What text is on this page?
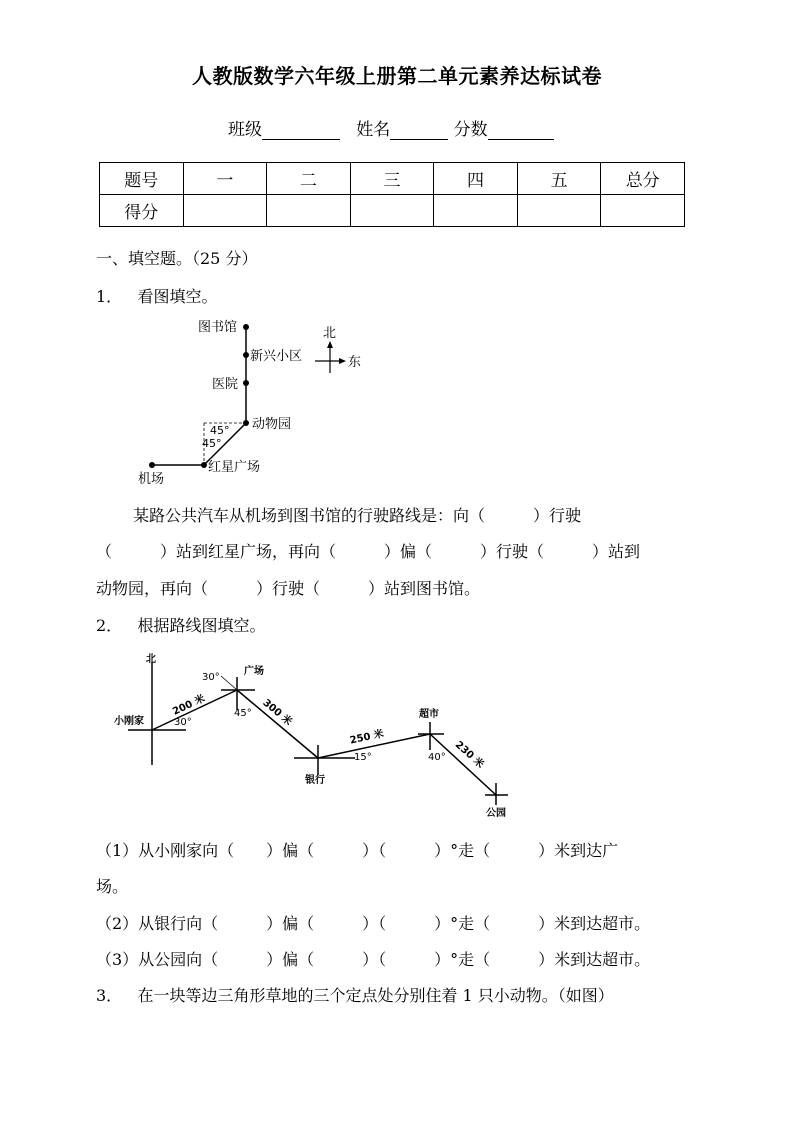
人教版数学六年级上册第二单元素养达标试卷
班级	姓名	分数
题号	一	二	三	四	五	总分
得分						
一、填空题。（25 分）
1． 看图填空。
图书馆
新兴小区
医院
动物园
红星广场
机场
45°
45°
北
东
某路公共汽车从机场到图书馆的行驶路线是：向（　　　）行驶
（　　　）站到红星广场，再向（　　　）偏（　　　）行驶（　　　）站到
动物园，再向（　　　）行驶（　　　）站到图书馆。
2． 根据路线图填空。
北
小刚家
广场
银行
超市
公园
200 米	300 米
250 米
230 米
30°
30°
45°
15°	40°
（1）从小刚家向（　　）偏（　　　）（　　　）°走（　　　）米到达广
场。
（2）从银行向（　　　）偏（　　　）（　　　）°走（　　　）米到达超市。
（3）从公园向（　　　）偏（　　　）（　　　）°走（　　　）米到达超市。
3． 在一块等边三角形草地的三个定点处分别住着 1 只小动物。（如图）
